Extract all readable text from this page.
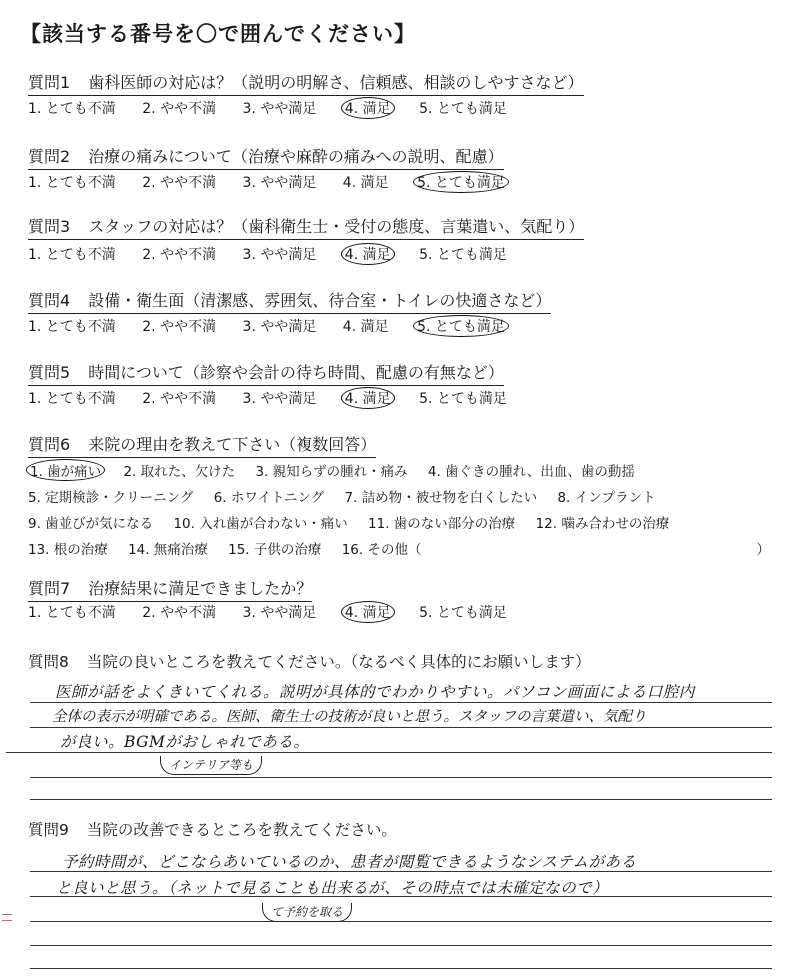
【該当する番号を〇で囲んでください】
質問1 歯科医師の対応は？（説明の明解さ、信頼感、相談のしやすさなど）
1. とても不満 2. やや不満 3. やや満足 4. 満足 5. とても満足
質問2 治療の痛みについて（治療や麻酔の痛みへの説明、配慮）
1. とても不満 2. やや不満 3. やや満足 4. 満足 5. とても満足
質問3 スタッフの対応は？（歯科衛生士・受付の態度、言葉遣い、気配り）
1. とても不満 2. やや不満 3. やや満足 4. 満足 5. とても満足
質問4 設備・衛生面（清潔感、雰囲気、待合室・トイレの快適さなど）
1. とても不満 2. やや不満 3. やや満足 4. 満足 5. とても満足
質問5 時間について（診察や会計の待ち時間、配慮の有無など）
1. とても不満 2. やや不満 3. やや満足 4. 満足 5. とても満足
質問6 来院の理由を教えて下さい（複数回答）
1. 歯が痛い 2. 取れた、欠けた 3. 親知らずの腫れ・痛み 4. 歯ぐきの腫れ、出血、歯の動揺
5. 定期検診・クリーニング 6. ホワイトニング 7. 詰め物・被せ物を白くしたい 8. インプラント
9. 歯並びが気になる 10. 入れ歯が合わない・痛い 11. 歯のない部分の治療 12. 噛み合わせの治療
13. 根の治療 14. 無痛治療 15. 子供の治療 16. その他（	）
質問7 治療結果に満足できましたか？
1. とても不満 2. やや不満 3. やや満足 4. 満足 5. とても満足
質問8 当院の良いところを教えてください。（なるべく具体的にお願いします）
医師が話をよくきいてくれる。説明が具体的でわかりやすい。パソコン画面による口腔内
全体の表示が明確である。医師、衛生士の技術が良いと思う。スタッフの言葉遣い、気配り
が良い。BGMがおしゃれである。
インテリア等も
質問9 当院の改善できるところを教えてください。
予約時間が、どこならあいているのか、患者が閲覧できるようなシステムがある
と良いと思う。（ネットで見ることも出来るが、その時点では未確定なので）
て予約を取る
